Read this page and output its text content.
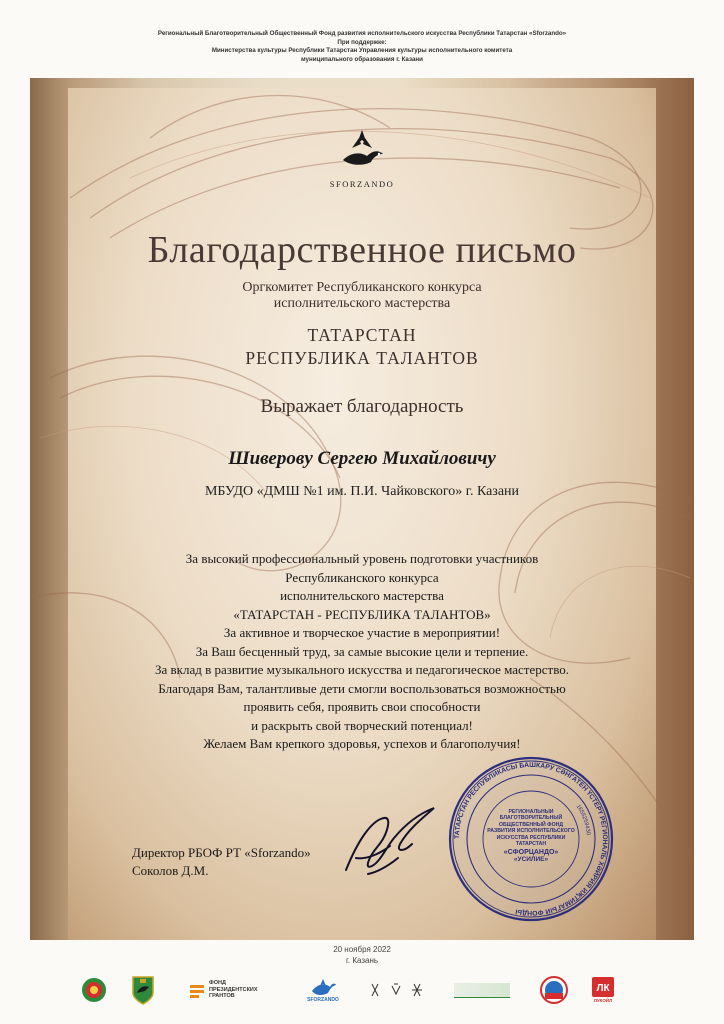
Региональный Благотворительный Общественный Фонд развития исполнительского искусства Республики Татарстан «Sforzando»
При поддержке:
Министерства культуры Республики Татарстан Управления культуры исполнительного комитета
муниципального образования г. Казани
SFORZANDO
Благодарственное письмо
Оргкомитет Республиканского конкурса
исполнительского мастерства
ТАТАРСТАН
РЕСПУБЛИКА ТАЛАНТОВ
Выражает благодарность
Шиверову Сергею Михайловичу
МБУДО «ДМШ №1 им. П.И. Чайковского» г. Казани
За высокий профессиональный уровень подготовки участников
Республиканского конкурса
исполнительского мастерства
«ТАТАРСТАН - РЕСПУБЛИКА ТАЛАНТОВ»
За активное и творческое участие в мероприятии!
За Ваш бесценный труд, за самые высокие цели и терпение.
За вклад в развитие музыкального искусства и педагогическое мастерство.
Благодаря Вам, талантливые дети смогли воспользоваться возможностью
проявить себя, проявить свои способности
и раскрыть свой творческий потенциал!
Желаем Вам крепкого здоровья, успехов и благополучия!
Директор РБОФ РТ «Sforzando»
Соколов Д.М.
ТАТАРСТАН РЕСПУБЛИКАСЫ БАШКАРУ СӘНГАТЕН ҮСТЕРҮ РЕГИОНАЛЬ ХӘЙРИЯ ИҖТИМАГЫЙ ФОНДЫ
1655259430
РЕГИОНАЛЬНЫЙ БЛАГОТВОРИТЕЛЬНЫЙ ОБЩЕСТВЕННЫЙ ФОНД РАЗВИТИЯ ИСПОЛНИТЕЛЬСКОГО ИСКУССТВА РЕСПУБЛИКИ ТАТАРСТАН
«СФОРЦАНДО»
«УСИЛИЕ»
20 ноября 2022
г. Казань
ФОНД ПРЕЗИДЕНТСКИХ ГРАНТОВ
SFORZANDO
ЛК
ЛУКОЙЛ
